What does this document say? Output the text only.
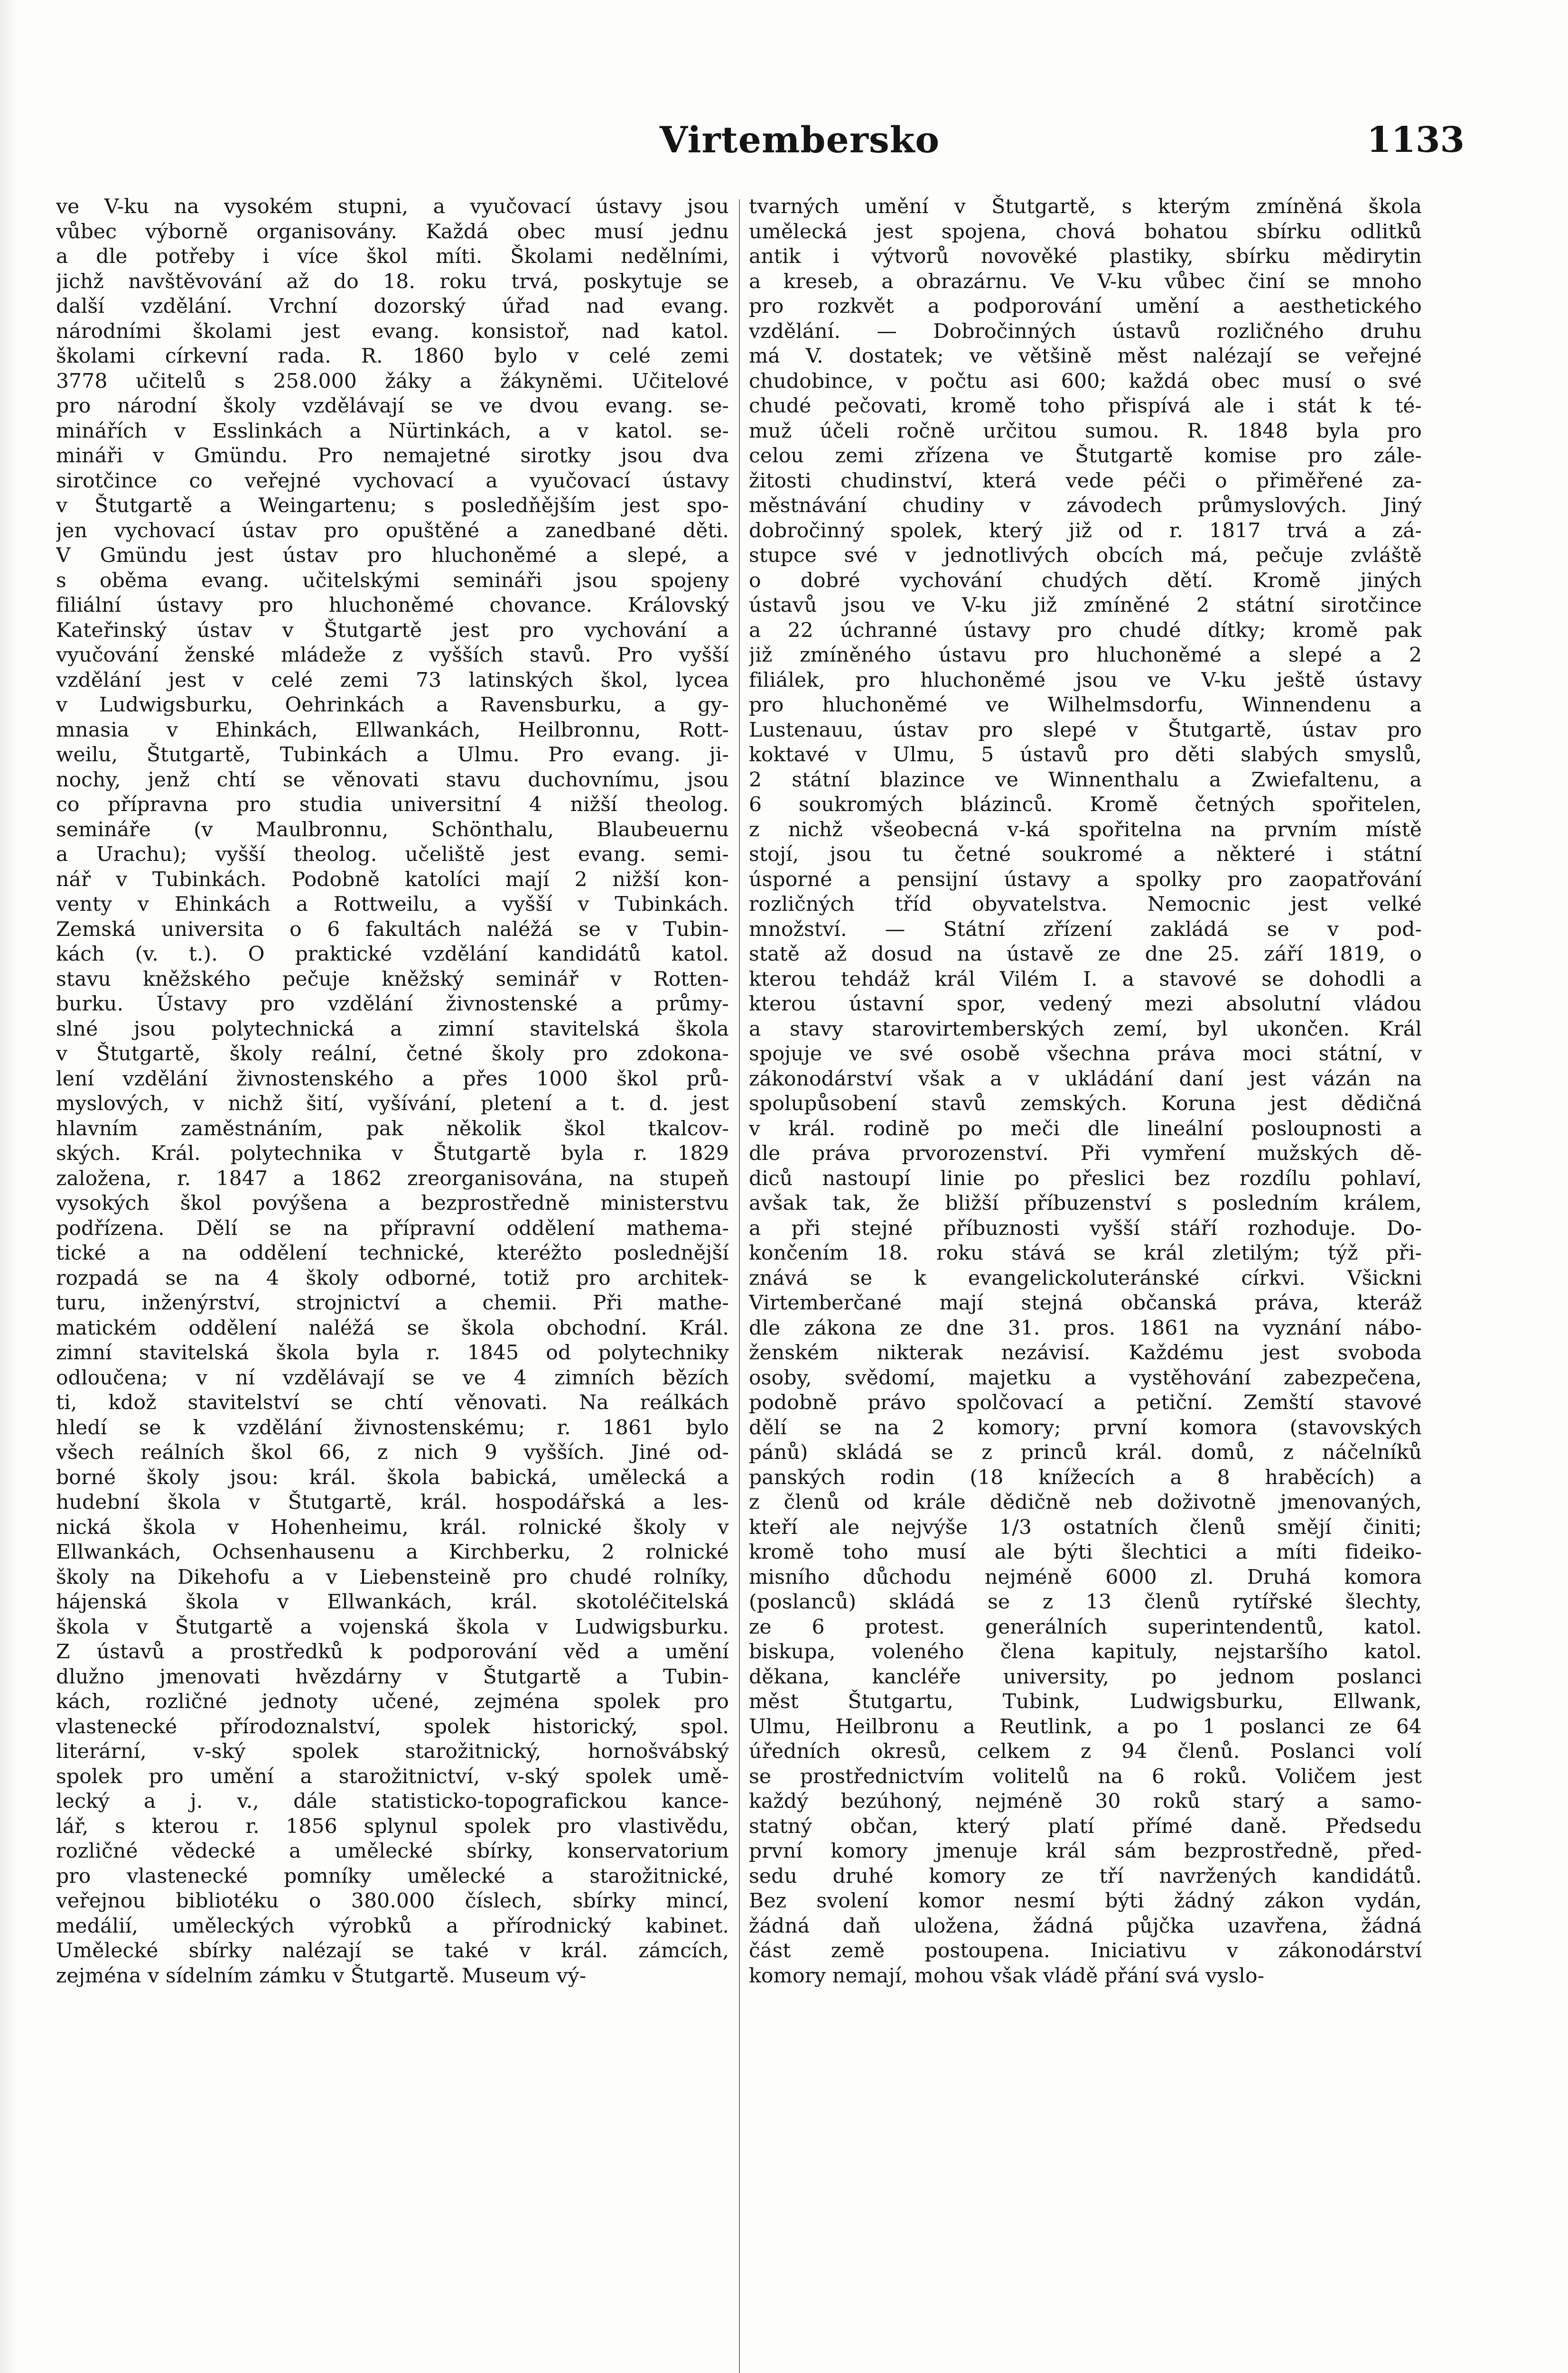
Virtembersko	1133
ve V-ku na vysokém stupni, a vyučovací ústavy jsou
vůbec výborně organisovány. Každá obec musí jednu
a dle potřeby i více škol míti. Školami nedělními,
jichž navštěvování až do 18. roku trvá, poskytuje se
další vzdělání. Vrchní dozorský úřad nad evang.
národními školami jest evang. konsistoř, nad katol.
školami církevní rada. R. 1860 bylo v celé zemi
3778 učitelů s 258.000 žáky a žákyněmi. Učitelové
pro národní školy vzdělávají se ve dvou evang. se-
minářích v Esslinkách a Nürtinkách, a v katol. se-
mináři v Gmündu. Pro nemajetné sirotky jsou dva
sirotčince co veřejné vychovací a vyučovací ústavy
v Štutgartě a Weingartenu; s posledňějším jest spo-
jen vychovací ústav pro opuštěné a zanedbané děti.
V Gmündu jest ústav pro hluchoněmé a slepé, a
s oběma evang. učitelskými semináři jsou spojeny
filiální ústavy pro hluchoněmé chovance. Královský
Kateřinský ústav v Štutgartě jest pro vychování a
vyučování ženské mládeže z vyšších stavů. Pro vyšší
vzdělání jest v celé zemi 73 latinských škol, lycea
v Ludwigsburku, Oehrinkách a Ravensburku, a gy-
mnasia v Ehinkách, Ellwankách, Heilbronnu, Rott-
weilu, Štutgartě, Tubinkách a Ulmu. Pro evang. ji-
nochy, jenž chtí se věnovati stavu duchovnímu, jsou
co přípravna pro studia universitní 4 nižší theolog.
semináře (v Maulbronnu, Schönthalu, Blaubeuernu
a Urachu); vyšší theolog. učeliště jest evang. semi-
nář v Tubinkách. Podobně katolíci mají 2 nižší kon-
venty v Ehinkách a Rottweilu, a vyšší v Tubinkách.
Zemská universita o 6 fakultách naléžá se v Tubin-
kách (v. t.). O praktické vzdělání kandidátů katol.
stavu kněžského pečuje kněžský seminář v Rotten-
burku. Ústavy pro vzdělání živnostenské a průmy-
slné jsou polytechnická a zimní stavitelská škola
v Štutgartě, školy reální, četné školy pro zdokona-
lení vzdělání živnostenského a přes 1000 škol prů-
myslových, v nichž šití, vyšívání, pletení a t. d. jest
hlavním zaměstnáním, pak několik škol tkalcov-
ských. Král. polytechnika v Štutgartě byla r. 1829
založena, r. 1847 a 1862 zreorganisována, na stupeň
vysokých škol povýšena a bezprostředně ministerstvu
podřízena. Dělí se na přípravní oddělení mathema-
tické a na oddělení technické, kteréžto poslednější
rozpadá se na 4 školy odborné, totiž pro architek-
turu, inženýrství, strojnictví a chemii. Při mathe-
matickém oddělení naléžá se škola obchodní. Král.
zimní stavitelská škola byla r. 1845 od polytechniky
odloučena; v ní vzdělávají se ve 4 zimních bězích
ti, kdož stavitelství se chtí věnovati. Na reálkách
hledí se k vzdělání živnostenskému; r. 1861 bylo
všech reálních škol 66, z nich 9 vyšších. Jiné od-
borné školy jsou: král. škola babická, umělecká a
hudební škola v Štutgartě, král. hospodářská a les-
nická škola v Hohenheimu, král. rolnické školy v
Ellwankách, Ochsenhausenu a Kirchberku, 2 rolnické
školy na Dikehofu a v Liebensteině pro chudé rolníky,
hájenská škola v Ellwankách, král. skotoléčitelská
škola v Štutgartě a vojenská škola v Ludwigsburku.
Z ústavů a prostředků k podporování věd a umění
dlužno jmenovati hvězdárny v Štutgartě a Tubin-
kách, rozličné jednoty učené, zejména spolek pro
vlastenecké přírodoznalství, spolek historický, spol.
literární, v-ský spolek starožitnický, hornošvábský
spolek pro umění a starožitnictví, v-ský spolek umě-
lecký a j. v., dále statisticko-topografickou kance-
lář, s kterou r. 1856 splynul spolek pro vlastivědu,
rozličné vědecké a umělecké sbírky, konservatorium
pro vlastenecké pomníky umělecké a starožitnické,
veřejnou bibliotéku o 380.000 číslech, sbírky mincí,
medálií, uměleckých výrobků a přírodnický kabinet.
Umělecké sbírky nalézají se také v král. zámcích,
zejména v sídelním zámku v Štutgartě. Museum vý-
tvarných umění v Štutgartě, s kterým zmíněná škola
umělecká jest spojena, chová bohatou sbírku odlitků
antik i výtvorů novověké plastiky, sbírku mědirytin
a kreseb, a obrazárnu. Ve V-ku vůbec činí se mnoho
pro rozkvět a podporování umění a aesthetického
vzdělání. — Dobročinných ústavů rozličného druhu
má V. dostatek; ve většině měst nalézají se veřejné
chudobince, v počtu asi 600; každá obec musí o své
chudé pečovati, kromě toho přispívá ale i stát k té-
muž účeli ročně určitou sumou. R. 1848 byla pro
celou zemi zřízena ve Štutgartě komise pro zále-
žitosti chudinství, která vede péči o přiměřené za-
městnávání chudiny v závodech průmyslových. Jiný
dobročinný spolek, který již od r. 1817 trvá a zá-
stupce své v jednotlivých obcích má, pečuje zvláště
o dobré vychování chudých dětí. Kromě jiných
ústavů jsou ve V-ku již zmíněné 2 státní sirotčince
a 22 úchranné ústavy pro chudé dítky; kromě pak
již zmíněného ústavu pro hluchoněmé a slepé a 2
filiálek, pro hluchoněmé jsou ve V-ku ještě ústavy
pro hluchoněmé ve Wilhelmsdorfu, Winnendenu a
Lustenauu, ústav pro slepé v Štutgartě, ústav pro
koktavé v Ulmu, 5 ústavů pro děti slabých smyslů,
2 státní blazince ve Winnenthalu a Zwiefaltenu, a
6 soukromých blázinců. Kromě četných spořitelen,
z nichž všeobecná v-ká spořitelna na prvním místě
stojí, jsou tu četné soukromé a některé i státní
úsporné a pensijní ústavy a spolky pro zaopatřování
rozličných tříd obyvatelstva. Nemocnic jest velké
množství. — Státní zřízení zakládá se v pod-
statě až dosud na ústavě ze dne 25. září 1819, o
kterou tehdáž král Vilém I. a stavové se dohodli a
kterou ústavní spor, vedený mezi absolutní vládou
a stavy starovirtemberských zemí, byl ukončen. Král
spojuje ve své osobě všechna práva moci státní, v
zákonodárství však a v ukládání daní jest vázán na
spolupůsobení stavů zemských. Koruna jest dědičná
v král. rodině po meči dle lineální posloupnosti a
dle práva prvorozenství. Při vymření mužských dě-
diců nastoupí linie po přeslici bez rozdílu pohlaví,
avšak tak, že bližší příbuzenství s posledním králem,
a při stejné příbuznosti vyšší stáří rozhoduje. Do-
končením 18. roku stává se král zletilým; týž při-
znává se k evangelickoluteránské církvi. Všickni
Virtemberčané mají stejná občanská práva, kteráž
dle zákona ze dne 31. pros. 1861 na vyznání nábo-
ženském nikterak nezávisí. Každému jest svoboda
osoby, svědomí, majetku a vystěhování zabezpečena,
podobně právo spolčovací a petiční. Zemští stavové
dělí se na 2 komory; první komora (stavovských
pánů) skládá se z princů král. domů, z náčelníků
panských rodin (18 knížecích a 8 hraběcích) a
z členů od krále dědičně neb doživotně jmenovaných,
kteří ale nejvýše 1/3 ostatních členů smějí činiti;
kromě toho musí ale býti šlechtici a míti fideiko-
misního důchodu nejméně 6000 zl. Druhá komora
(poslanců) skládá se z 13 členů rytířské šlechty,
ze 6 protest. generálních superintendentů, katol.
biskupa, voleného člena kapituly, nejstaršího katol.
děkana, kancléře university, po jednom poslanci
měst Štutgartu, Tubink, Ludwigsburku, Ellwank,
Ulmu, Heilbronu a Reutlink, a po 1 poslanci ze 64
úředních okresů, celkem z 94 členů. Poslanci volí
se prostřednictvím volitelů na 6 roků. Voličem jest
každý bezúhoný, nejméně 30 roků starý a samo-
statný občan, který platí přímé daně. Předsedu
první komory jmenuje král sám bezprostředně, před-
sedu druhé komory ze tří navržených kandidátů.
Bez svolení komor nesmí býti žádný zákon vydán,
žádná daň uložena, žádná půjčka uzavřena, žádná
část země postoupena. Iniciativu v zákonodárství
komory nemají, mohou však vládě přání svá vyslo-
